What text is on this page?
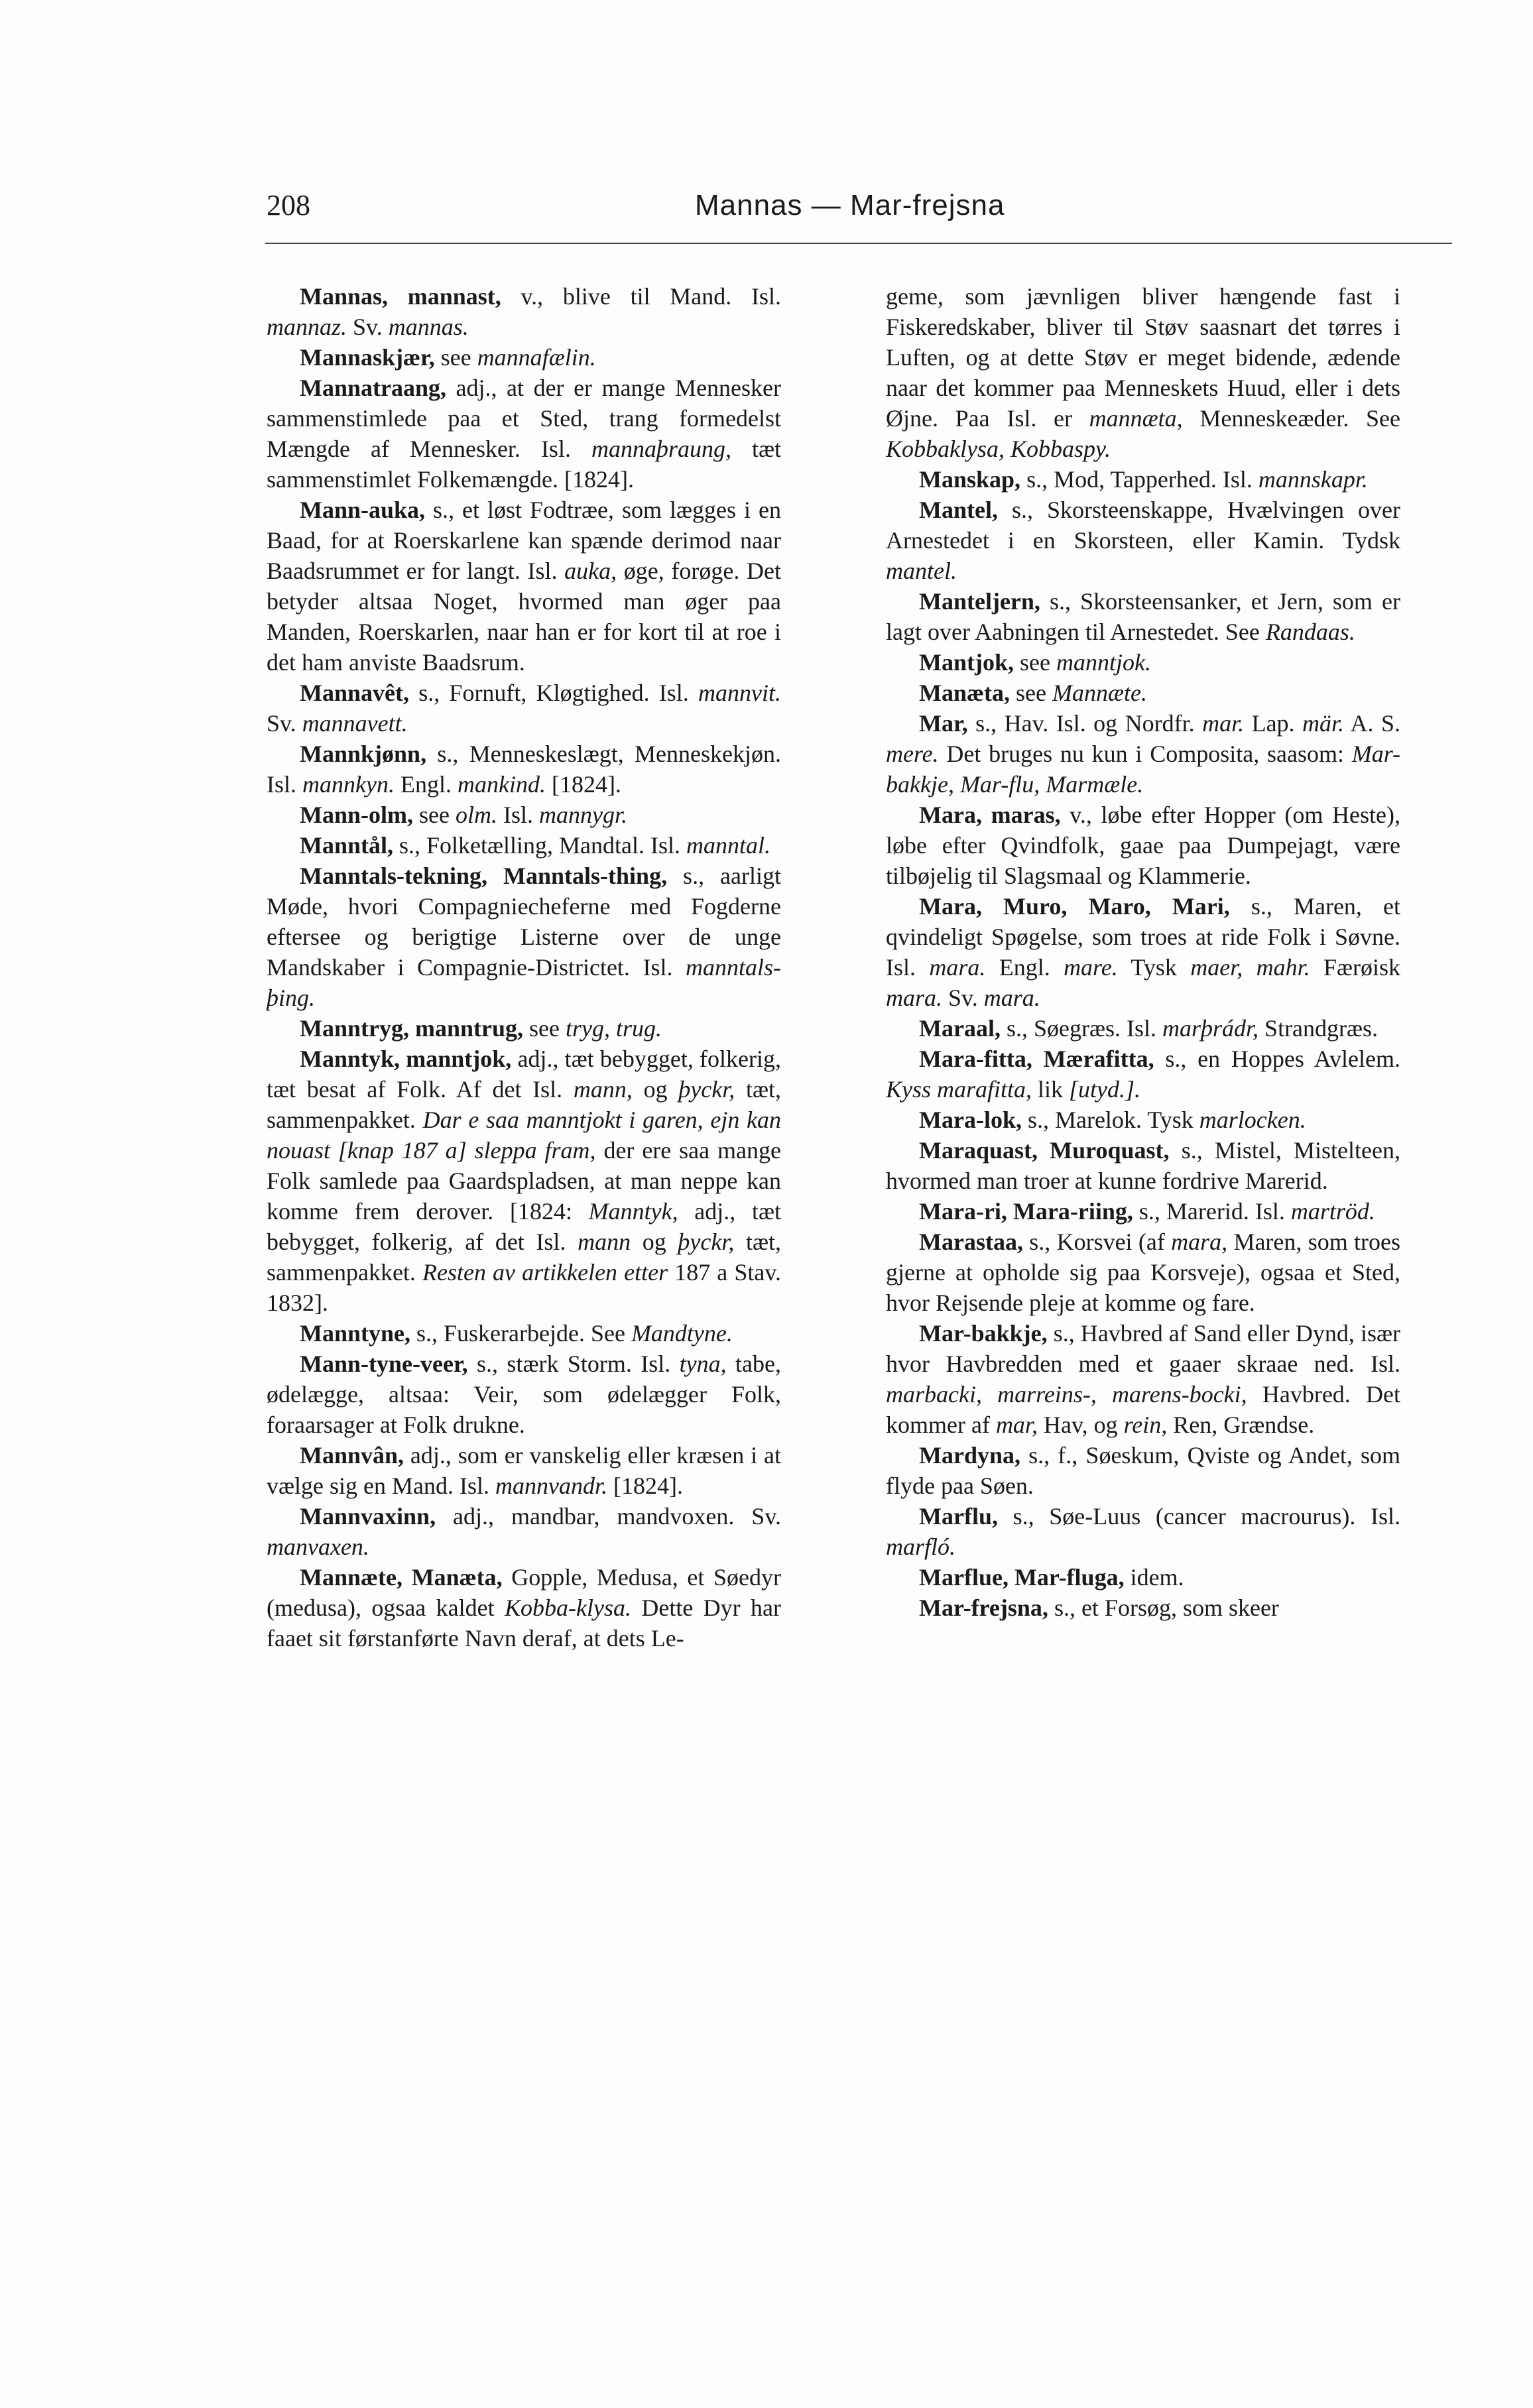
208	Mannas — Mar-frejsna

Mannas, mannast, v., blive til Mand. Isl. mannaz. Sv. mannas.

Mannaskjær, see mannafælin.

Mannatraang, adj., at der er mange Mennesker sammenstimlede paa et Sted, trang formedelst Mængde af Mennesker. Isl. mannaþraung, tæt sammenstimlet Folkemængde. [1824].

Mann-auka, s., et løst Fodtræe, som lægges i en Baad, for at Roerskarlene kan spænde derimod naar Baadsrummet er for langt. Isl. auka, øge, forøge. Det betyder altsaa Noget, hvormed man øger paa Manden, Roerskarlen, naar han er for kort til at roe i det ham anviste Baadsrum.

Mannavêt, s., Fornuft, Kløgtighed. Isl. mannvit. Sv. mannavett.

Mannkjønn, s., Menneskeslægt, Menneskekjøn. Isl. mannkyn. Engl. mankind. [1824].

Mann-olm, see olm. Isl. mannygr.

Manntål, s., Folketælling, Mandtal. Isl. manntal.

Manntals-tekning, Manntals-thing, s., aarligt Møde, hvori Compagniecheferne med Fogderne eftersee og berigtige Listerne over de unge Mandskaber i Compagnie-Districtet. Isl. manntals-þing.

Manntryg, manntrug, see tryg, trug.

Manntyk, manntjok, adj., tæt bebygget, folkerig, tæt besat af Folk. Af det Isl. mann, og þyckr, tæt, sammenpakket. Dar e saa manntjokt i garen, ejn kan nouast [knap 187 a] sleppa fram, der ere saa mange Folk samlede paa Gaardspladsen, at man neppe kan komme frem derover. [1824: Manntyk, adj., tæt bebygget, folkerig, af det Isl. mann og þyckr, tæt, sammenpakket. Resten av artikkelen etter 187 a Stav. 1832].

Manntyne, s., Fuskerarbejde. See Mandtyne.

Mann-tyne-veer, s., stærk Storm. Isl. tyna, tabe, ødelægge, altsaa: Veir, som ødelægger Folk, foraarsager at Folk drukne.

Mannvân, adj., som er vanskelig eller kræsen i at vælge sig en Mand. Isl. mannvandr. [1824].

Mannvaxinn, adj., mandbar, mandvoxen. Sv. manvaxen.

Mannæte, Manæta, Gopple, Medusa, et Søedyr (medusa), ogsaa kaldet Kobba-klysa. Dette Dyr har faaet sit førstanførte Navn deraf, at dets Le-

geme, som jævnligen bliver hængende fast i Fiskeredskaber, bliver til Støv saasnart det tørres i Luften, og at dette Støv er meget bidende, ædende naar det kommer paa Menneskets Huud, eller i dets Øjne. Paa Isl. er mannæta, Menneskeæder. See Kobbaklysa, Kobbaspy.

Manskap, s., Mod, Tapperhed. Isl. mannskapr.

Mantel, s., Skorsteenskappe, Hvælvingen over Arnestedet i en Skorsteen, eller Kamin. Tydsk mantel.

Manteljern, s., Skorsteensanker, et Jern, som er lagt over Aabningen til Arnestedet. See Randaas.

Mantjok, see manntjok.

Manæta, see Mannæte.

Mar, s., Hav. Isl. og Nordfr. mar. Lap. mär. A. S. mere. Det bruges nu kun i Composita, saasom: Mar-bakkje, Mar-flu, Marmæle.

Mara, maras, v., løbe efter Hopper (om Heste), løbe efter Qvindfolk, gaae paa Dumpejagt, være tilbøjelig til Slagsmaal og Klammerie.

Mara, Muro, Maro, Mari, s., Maren, et qvindeligt Spøgelse, som troes at ride Folk i Søvne. Isl. mara. Engl. mare. Tysk maer, mahr. Færøisk mara. Sv. mara.

Maraal, s., Søegræs. Isl. marþrádr, Strandgræs.

Mara-fitta, Mærafitta, s., en Hoppes Avlelem. Kyss marafitta, lik [utyd.].

Mara-lok, s., Marelok. Tysk marlocken.

Maraquast, Muroquast, s., Mistel, Mistelteen, hvormed man troer at kunne fordrive Marerid.

Mara-ri, Mara-riing, s., Marerid. Isl. martröd.

Marastaa, s., Korsvei (af mara, Maren, som troes gjerne at opholde sig paa Korsveje), ogsaa et Sted, hvor Rejsende pleje at komme og fare.

Mar-bakkje, s., Havbred af Sand eller Dynd, især hvor Havbredden med et gaaer skraae ned. Isl. marbacki, marreins-, marens-bocki, Havbred. Det kommer af mar, Hav, og rein, Ren, Grændse.

Mardyna, s., f., Søeskum, Qviste og Andet, som flyde paa Søen.

Marflu, s., Søe-Luus (cancer macrourus). Isl. marfló.

Marflue, Mar-fluga, idem.

Mar-frejsna, s., et Forsøg, som skeer
